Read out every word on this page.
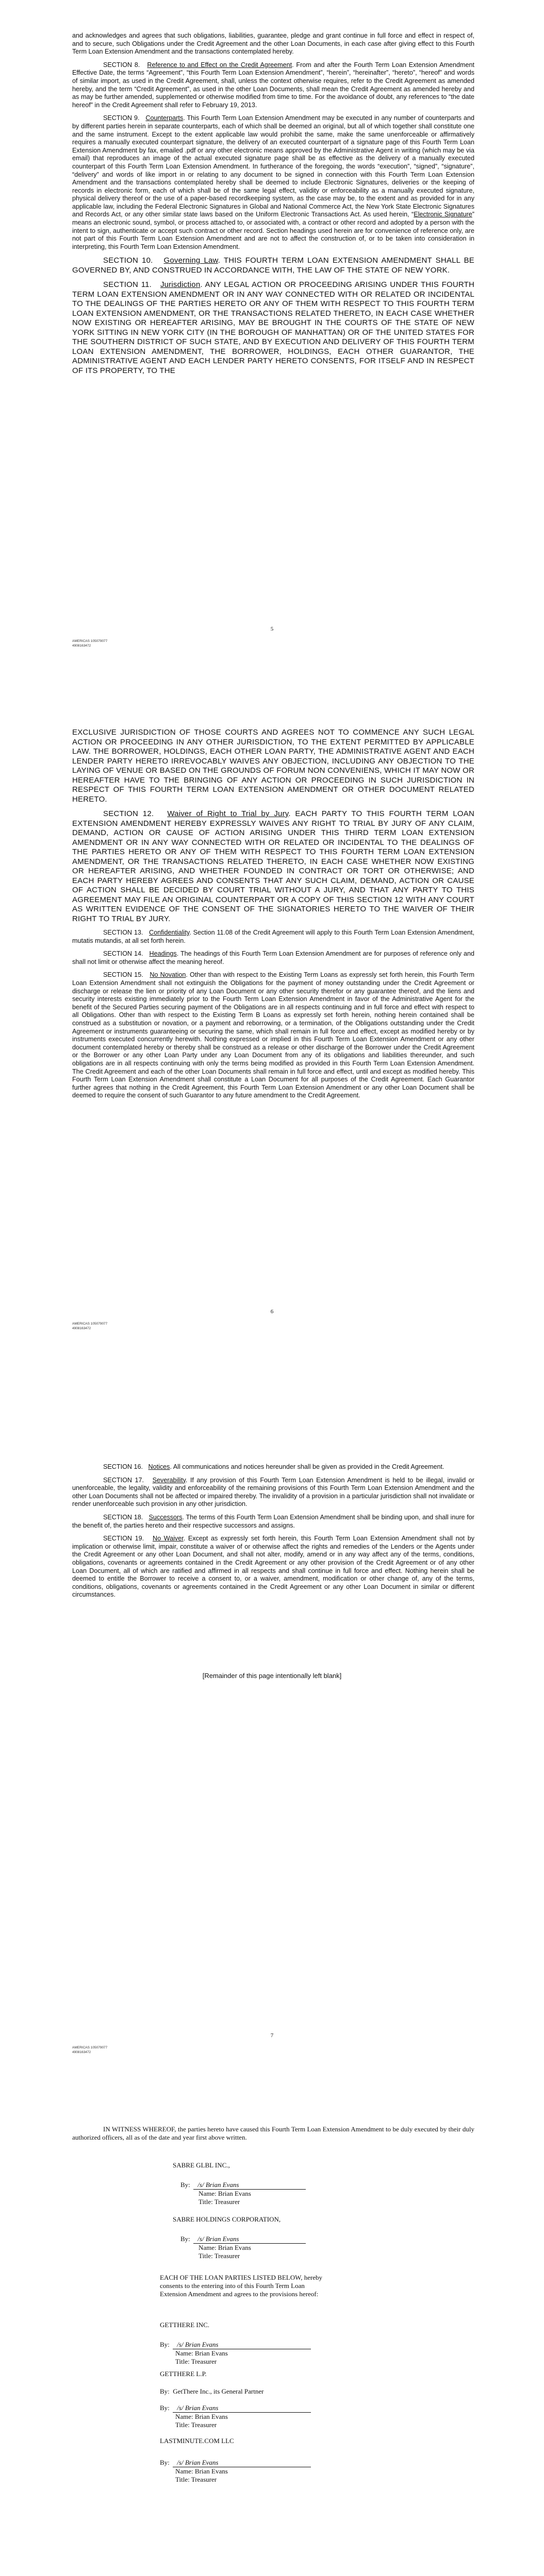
and acknowledges and agrees that such obligations, liabilities, guarantee, pledge and grant continue in full force and effect in respect of, and to secure, such Obligations under the Credit Agreement and the other Loan Documents, in each case after giving effect to this Fourth Term Loan Extension Amendment and the transactions contemplated hereby.

SECTION 8. Reference to and Effect on the Credit Agreement. From and after the Fourth Term Loan Extension Amendment Effective Date, the terms “Agreement”, “this Fourth Term Loan Extension Amendment”, “herein”, “hereinafter”, “hereto”, “hereof” and words of similar import, as used in the Credit Agreement, shall, unless the context otherwise requires, refer to the Credit Agreement as amended hereby, and the term “Credit Agreement”, as used in the other Loan Documents, shall mean the Credit Agreement as amended hereby and as may be further amended, supplemented or otherwise modified from time to time. For the avoidance of doubt, any references to “the date hereof” in the Credit Agreement shall refer to February 19, 2013.

SECTION 9. Counterparts. This Fourth Term Loan Extension Amendment may be executed in any number of counterparts and by different parties herein in separate counterparts, each of which shall be deemed an original, but all of which together shall constitute one and the same instrument. Except to the extent applicable law would prohibit the same, make the same unenforceable or affirmatively requires a manually executed counterpart signature, the delivery of an executed counterpart of a signature page of this Fourth Term Loan Extension Amendment by fax, emailed .pdf or any other electronic means approved by the Administrative Agent in writing (which may be via email) that reproduces an image of the actual executed signature page shall be as effective as the delivery of a manually executed counterpart of this Fourth Term Loan Extension Amendment. In furtherance of the foregoing, the words “execution”, “signed”, “signature”, “delivery” and words of like import in or relating to any document to be signed in connection with this Fourth Term Loan Extension Amendment and the transactions contemplated hereby shall be deemed to include Electronic Signatures, deliveries or the keeping of records in electronic form, each of which shall be of the same legal effect, validity or enforceability as a manually executed signature, physical delivery thereof or the use of a paper-based recordkeeping system, as the case may be, to the extent and as provided for in any applicable law, including the Federal Electronic Signatures in Global and National Commerce Act, the New York State Electronic Signatures and Records Act, or any other similar state laws based on the Uniform Electronic Transactions Act. As used herein, “Electronic Signature” means an electronic sound, symbol, or process attached to, or associated with, a contract or other record and adopted by a person with the intent to sign, authenticate or accept such contract or other record. Section headings used herein are for convenience of reference only, are not part of this Fourth Term Loan Extension Amendment and are not to affect the construction of, or to be taken into consideration in interpreting, this Fourth Term Loan Extension Amendment.

SECTION 10. Governing Law. THIS FOURTH TERM LOAN EXTENSION AMENDMENT SHALL BE GOVERNED BY, AND CONSTRUED IN ACCORDANCE WITH, THE LAW OF THE STATE OF NEW YORK.

SECTION 11. Jurisdiction. ANY LEGAL ACTION OR PROCEEDING ARISING UNDER THIS FOURTH TERM LOAN EXTENSION AMENDMENT OR IN ANY WAY CONNECTED WITH OR RELATED OR INCIDENTAL TO THE DEALINGS OF THE PARTIES HERETO OR ANY OF THEM WITH RESPECT TO THIS FOURTH TERM LOAN EXTENSION AMENDMENT, OR THE TRANSACTIONS RELATED THERETO, IN EACH CASE WHETHER NOW EXISTING OR HEREAFTER ARISING, MAY BE BROUGHT IN THE COURTS OF THE STATE OF NEW YORK SITTING IN NEW YORK CITY (IN THE BOROUGH OF MANHATTAN) OR OF THE UNITED STATES FOR THE SOUTHERN DISTRICT OF SUCH STATE, AND BY EXECUTION AND DELIVERY OF THIS FOURTH TERM LOAN EXTENSION AMENDMENT, THE BORROWER, HOLDINGS, EACH OTHER GUARANTOR, THE ADMINISTRATIVE AGENT AND EACH LENDER PARTY HERETO CONSENTS, FOR ITSELF AND IN RESPECT OF ITS PROPERTY, TO THE

5
AMERICAS 105079077
4908163472

EXCLUSIVE JURISDICTION OF THOSE COURTS AND AGREES NOT TO COMMENCE ANY SUCH LEGAL ACTION OR PROCEEDING IN ANY OTHER JURISDICTION, TO THE EXTENT PERMITTED BY APPLICABLE LAW. THE BORROWER, HOLDINGS, EACH OTHER LOAN PARTY, THE ADMINISTRATIVE AGENT AND EACH LENDER PARTY HERETO IRREVOCABLY WAIVES ANY OBJECTION, INCLUDING ANY OBJECTION TO THE LAYING OF VENUE OR BASED ON THE GROUNDS OF FORUM NON CONVENIENS, WHICH IT MAY NOW OR HEREAFTER HAVE TO THE BRINGING OF ANY ACTION OR PROCEEDING IN SUCH JURISDICTION IN RESPECT OF THIS FOURTH TERM LOAN EXTENSION AMENDMENT OR OTHER DOCUMENT RELATED HERETO.

SECTION 12. Waiver of Right to Trial by Jury. EACH PARTY TO THIS FOURTH TERM LOAN EXTENSION AMENDMENT HEREBY EXPRESSLY WAIVES ANY RIGHT TO TRIAL BY JURY OF ANY CLAIM, DEMAND, ACTION OR CAUSE OF ACTION ARISING UNDER THIS THIRD TERM LOAN EXTENSION AMENDMENT OR IN ANY WAY CONNECTED WITH OR RELATED OR INCIDENTAL TO THE DEALINGS OF THE PARTIES HERETO OR ANY OF THEM WITH RESPECT TO THIS FOURTH TERM LOAN EXTENSION AMENDMENT, OR THE TRANSACTIONS RELATED THERETO, IN EACH CASE WHETHER NOW EXISTING OR HEREAFTER ARISING, AND WHETHER FOUNDED IN CONTRACT OR TORT OR OTHERWISE; AND EACH PARTY HEREBY AGREES AND CONSENTS THAT ANY SUCH CLAIM, DEMAND, ACTION OR CAUSE OF ACTION SHALL BE DECIDED BY COURT TRIAL WITHOUT A JURY, AND THAT ANY PARTY TO THIS AGREEMENT MAY FILE AN ORIGINAL COUNTERPART OR A COPY OF THIS SECTION 12 WITH ANY COURT AS WRITTEN EVIDENCE OF THE CONSENT OF THE SIGNATORIES HERETO TO THE WAIVER OF THEIR RIGHT TO TRIAL BY JURY.

SECTION 13. Confidentiality. Section 11.08 of the Credit Agreement will apply to this Fourth Term Loan Extension Amendment, mutatis mutandis, at all set forth herein.

SECTION 14. Headings. The headings of this Fourth Term Loan Extension Amendment are for purposes of reference only and shall not limit or otherwise affect the meaning hereof.

SECTION 15. No Novation. Other than with respect to the Existing Term Loans as expressly set forth herein, this Fourth Term Loan Extension Amendment shall not extinguish the Obligations for the payment of money outstanding under the Credit Agreement or discharge or release the lien or priority of any Loan Document or any other security therefor or any guarantee thereof, and the liens and security interests existing immediately prior to the Fourth Term Loan Extension Amendment in favor of the Administrative Agent for the benefit of the Secured Parties securing payment of the Obligations are in all respects continuing and in full force and effect with respect to all Obligations. Other than with respect to the Existing Term B Loans as expressly set forth herein, nothing herein contained shall be construed as a substitution or novation, or a payment and reborrowing, or a termination, of the Obligations outstanding under the Credit Agreement or instruments guaranteeing or securing the same, which shall remain in full force and effect, except as modified hereby or by instruments executed concurrently herewith. Nothing expressed or implied in this Fourth Term Loan Extension Amendment or any other document contemplated hereby or thereby shall be construed as a release or other discharge of the Borrower under the Credit Agreement or the Borrower or any other Loan Party under any Loan Document from any of its obligations and liabilities thereunder, and such obligations are in all respects continuing with only the terms being modified as provided in this Fourth Term Loan Extension Amendment. The Credit Agreement and each of the other Loan Documents shall remain in full force and effect, until and except as modified hereby. This Fourth Term Loan Extension Amendment shall constitute a Loan Document for all purposes of the Credit Agreement. Each Guarantor further agrees that nothing in the Credit Agreement, this Fourth Term Loan Extension Amendment or any other Loan Document shall be deemed to require the consent of such Guarantor to any future amendment to the Credit Agreement.

6
AMERICAS 105079077
4908163472

SECTION 16. Notices. All communications and notices hereunder shall be given as provided in the Credit Agreement.

SECTION 17. Severability. If any provision of this Fourth Term Loan Extension Amendment is held to be illegal, invalid or unenforceable, the legality, validity and enforceability of the remaining provisions of this Fourth Term Loan Extension Amendment and the other Loan Documents shall not be affected or impaired thereby. The invalidity of a provision in a particular jurisdiction shall not invalidate or render unenforceable such provision in any other jurisdiction.

SECTION 18. Successors. The terms of this Fourth Term Loan Extension Amendment shall be binding upon, and shall inure for the benefit of, the parties hereto and their respective successors and assigns.

SECTION 19. No Waiver. Except as expressly set forth herein, this Fourth Term Loan Extension Amendment shall not by implication or otherwise limit, impair, constitute a waiver of or otherwise affect the rights and remedies of the Lenders or the Agents under the Credit Agreement or any other Loan Document, and shall not alter, modify, amend or in any way affect any of the terms, conditions, obligations, covenants or agreements contained in the Credit Agreement or any other provision of the Credit Agreement or of any other Loan Document, all of which are ratified and affirmed in all respects and shall continue in full force and effect. Nothing herein shall be deemed to entitle the Borrower to receive a consent to, or a waiver, amendment, modification or other change of, any of the terms, conditions, obligations, covenants or agreements contained in the Credit Agreement or any other Loan Document in similar or different circumstances.

[Remainder of this page intentionally left blank]
7
AMERICAS 105079077
4908163472

IN WITNESS WHEREOF, the parties hereto have caused this Fourth Term Loan Extension Amendment to be duly executed by their duly authorized officers, all as of the date and year first above written.

SABRE GLBL INC.,
By: /s/ Brian Evans
Name: Brian Evans
Title: Treasurer
SABRE HOLDINGS CORPORATION,
By: /s/ Brian Evans
Name: Brian Evans
Title: Treasurer
EACH OF THE LOAN PARTIES LISTED BELOW, hereby consents to the entering into of this Fourth Term Loan Extension Amendment and agrees to the provisions hereof:
GETTHERE INC.
By: /s/ Brian Evans
Name: Brian Evans
Title: Treasurer
GETTHERE L.P.
By: GetThere Inc., its General Partner
By: /s/ Brian Evans
Name: Brian Evans
Title: Treasurer
LASTMINUTE.COM LLC
By: /s/ Brian Evans
Name: Brian Evans
Title: Treasurer
